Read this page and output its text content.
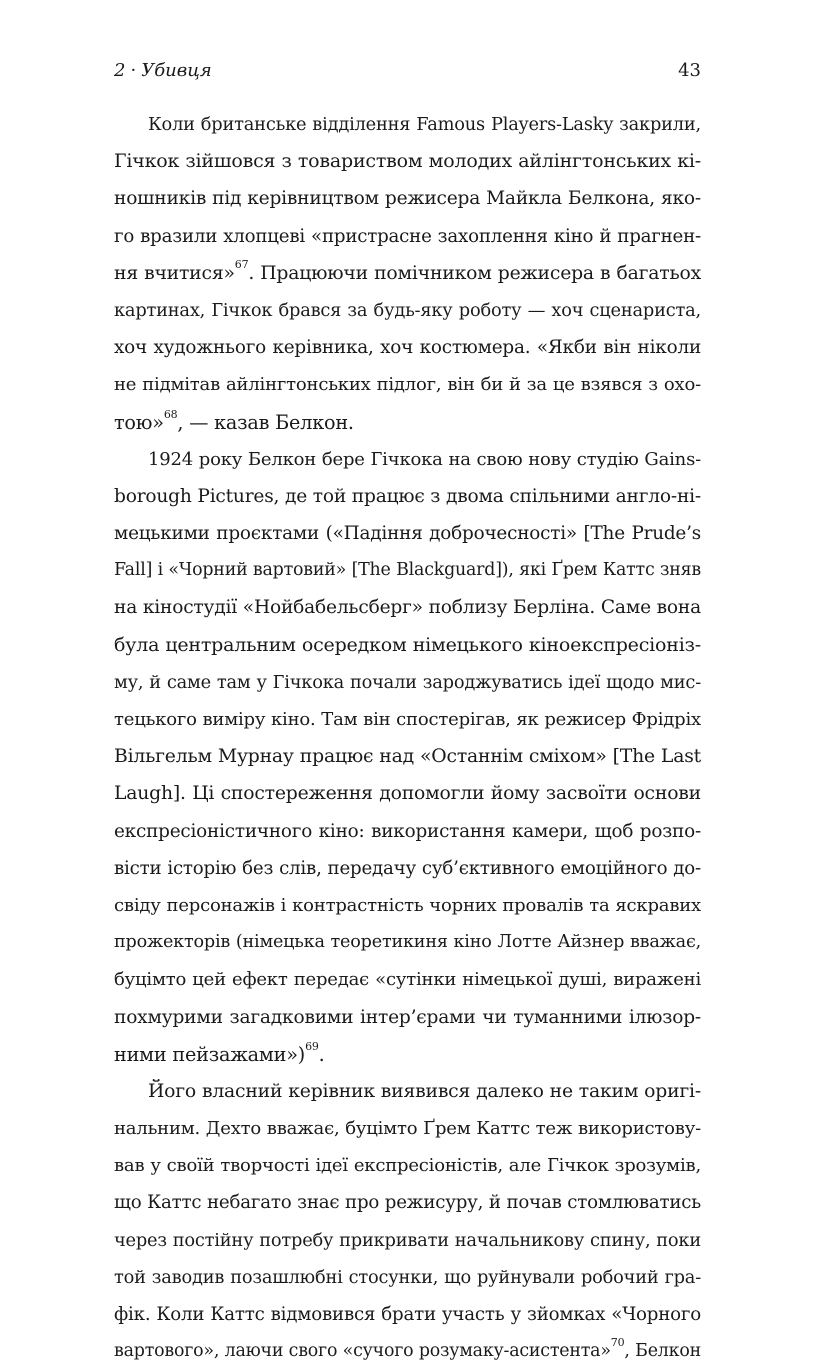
2 · Убивця	43
Коли британське відділення Famous Players-Lasky закрили,
Гічкок зійшовся з товариством молодих айлінгтонських кі-
ношників під керівництвом режисера Майкла Белкона, яко-
го вразили хлопцеві «пристрасне захоплення кіно й прагнен-
ня вчитися»$^{67}$. Працюючи помічником режисера в багатьох
картинах, Гічкок брався за будь-яку роботу — хоч сценариста,
хоч художнього керівника, хоч костюмера. «Якби він ніколи
не підмітав айлінгтонських підлог, він би й за це взявся з охо-
тою»$^{68}$, — казав Белкон.
1924 року Белкон бере Гічкока на свою нову студію Gains-
borough Pictures, де той працює з двома спільними англо-ні-
мецькими проєктами («Падіння доброчесності» [The Prude’s
Fall] і «Чорний вартовий» [The Blackguard]), які Ґрем Каттс зняв
на кіностудії «Нойбабельсберг» поблизу Берліна. Саме вона
була центральним осередком німецького кіноекспресіоніз-
му, й саме там у Гічкока почали зароджуватись ідеї щодо мис-
тецького виміру кіно. Там він спостерігав, як режисер Фрідріх
Вільгельм Мурнау працює над «Останнім сміхом» [The Last
Laugh]. Ці спостереження допомогли йому засвоїти основи
експресіоністичного кіно: використання камери, щоб розпо-
вісти історію без слів, передачу суб’єктивного емоційного до-
свіду персонажів і контрастність чорних провалів та яскравих
прожекторів (німецька теоретикиня кіно Лотте Айзнер вважає,
буцімто цей ефект передає «сутінки німецької душі, виражені
похмурими загадковими інтер’єрами чи туманними ілюзор-
ними пейзажами»)$^{69}$.
Його власний керівник виявився далеко не таким оригі-
нальним. Дехто вважає, буцімто Ґрем Каттс теж використову-
вав у своїй творчості ідеї експресіоністів, але Гічкок зрозумів,
що Каттс небагато знає про режисуру, й почав стомлюватись
через постійну потребу прикривати начальникову спину, поки
той заводив позашлюбні стосунки, що руйнували робочий гра-
фік. Коли Каттс відмовився брати участь у зйомках «Чорного
вартового», лаючи свого «сучого розумаку-асистента»$^{70}$, Белкон
